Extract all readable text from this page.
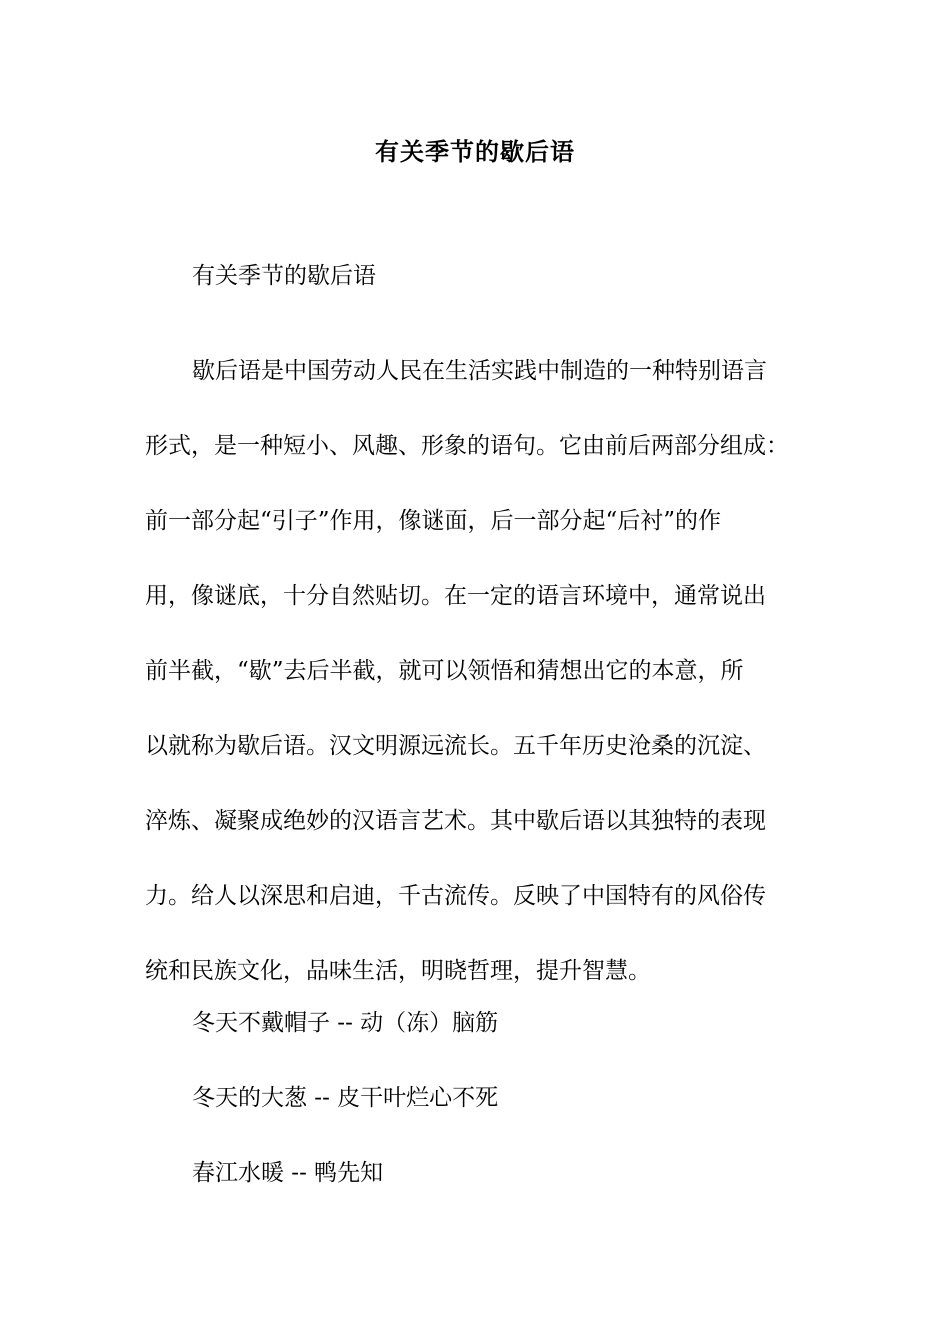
有关季节的歇后语
有关季节的歇后语
歇后语是中国劳动人民在生活实践中制造的一种特别语言
形式，是一种短小、风趣、形象的语句。它由前后两部分组成：
前一部分起“引子”作用，像谜面，后一部分起“后衬”的作
用，像谜底，十分自然贴切。在一定的语言环境中，通常说出
前半截，“歇”去后半截，就可以领悟和猜想出它的本意，所
以就称为歇后语。汉文明源远流长。五千年历史沧桑的沉淀、
淬炼、凝聚成绝妙的汉语言艺术。其中歇后语以其独特的表现
力。给人以深思和启迪，千古流传。反映了中国特有的风俗传
统和民族文化，品味生活，明晓哲理，提升智慧。
冬天不戴帽子 -- 动（冻）脑筋
冬天的大葱 -- 皮干叶烂心不死
春江水暖 -- 鸭先知
